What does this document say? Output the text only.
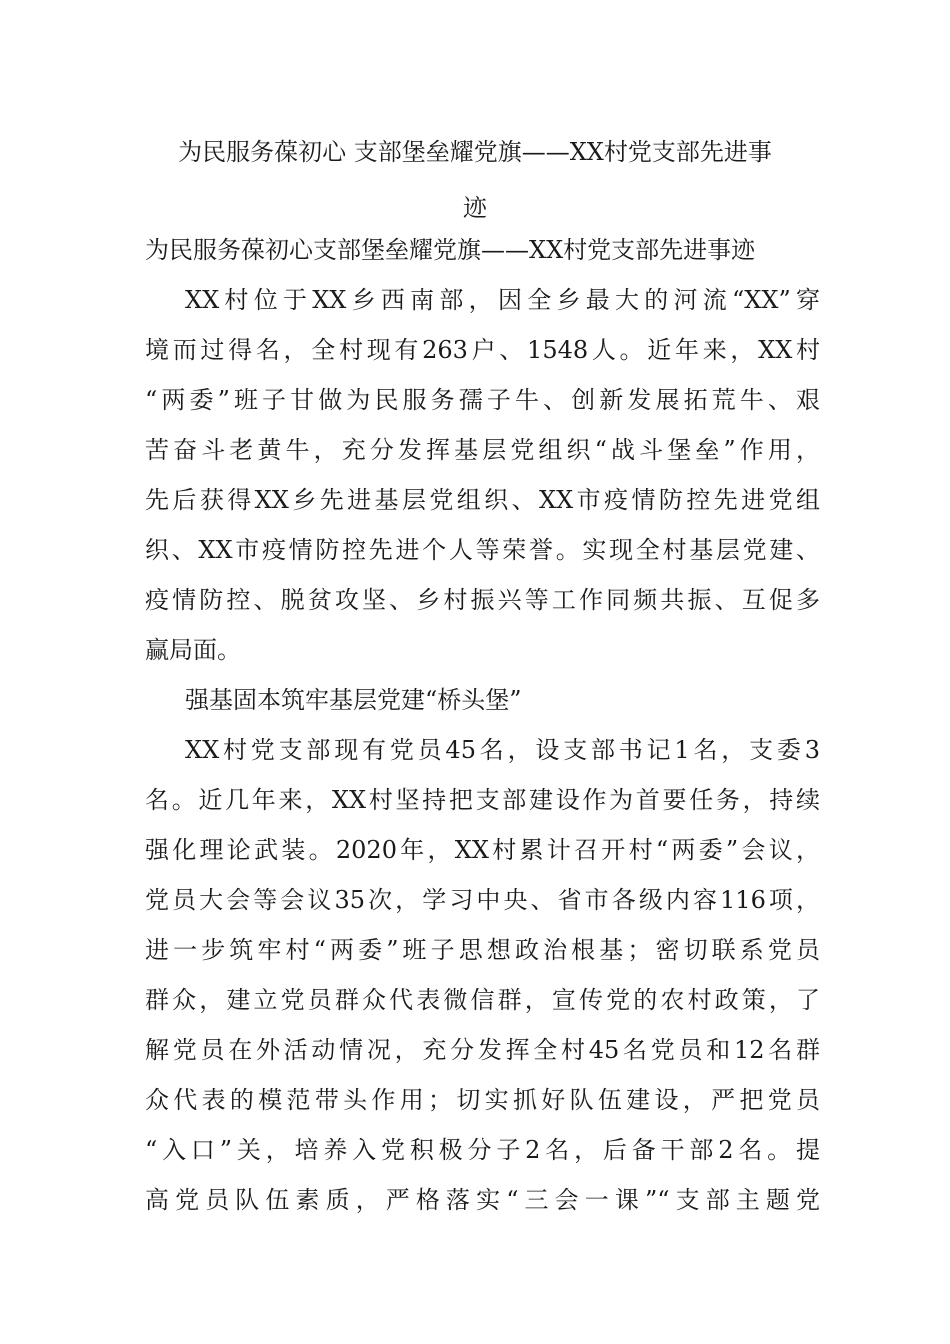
为民服务葆初心 支部堡垒耀党旗——XX村党支部先进事
迹
为民服务葆初心支部堡垒耀党旗——XX村党支部先进事迹
XX村位于XX乡西南部，因全乡最大的河流“XX”穿
境而过得名，全村现有263户、1548人。近年来，XX村
“两委”班子甘做为民服务孺子牛、创新发展拓荒牛、艰
苦奋斗老黄牛，充分发挥基层党组织“战斗堡垒”作用，
先后获得XX乡先进基层党组织、XX市疫情防控先进党组
织、XX市疫情防控先进个人等荣誉。实现全村基层党建、
疫情防控、脱贫攻坚、乡村振兴等工作同频共振、互促多
赢局面。
强基固本筑牢基层党建“桥头堡”
XX村党支部现有党员45名，设支部书记1名，支委3
名。近几年来，XX村坚持把支部建设作为首要任务，持续
强化理论武装。2020年，XX村累计召开村“两委”会议，
党员大会等会议35次，学习中央、省市各级内容116项，
进一步筑牢村“两委”班子思想政治根基；密切联系党员
群众，建立党员群众代表微信群，宣传党的农村政策，了
解党员在外活动情况，充分发挥全村45名党员和12名群
众代表的模范带头作用；切实抓好队伍建设，严把党员
“入口”关，培养入党积极分子2名，后备干部2名。提
高党员队伍素质，严格落实“三会一课”“支部主题党
